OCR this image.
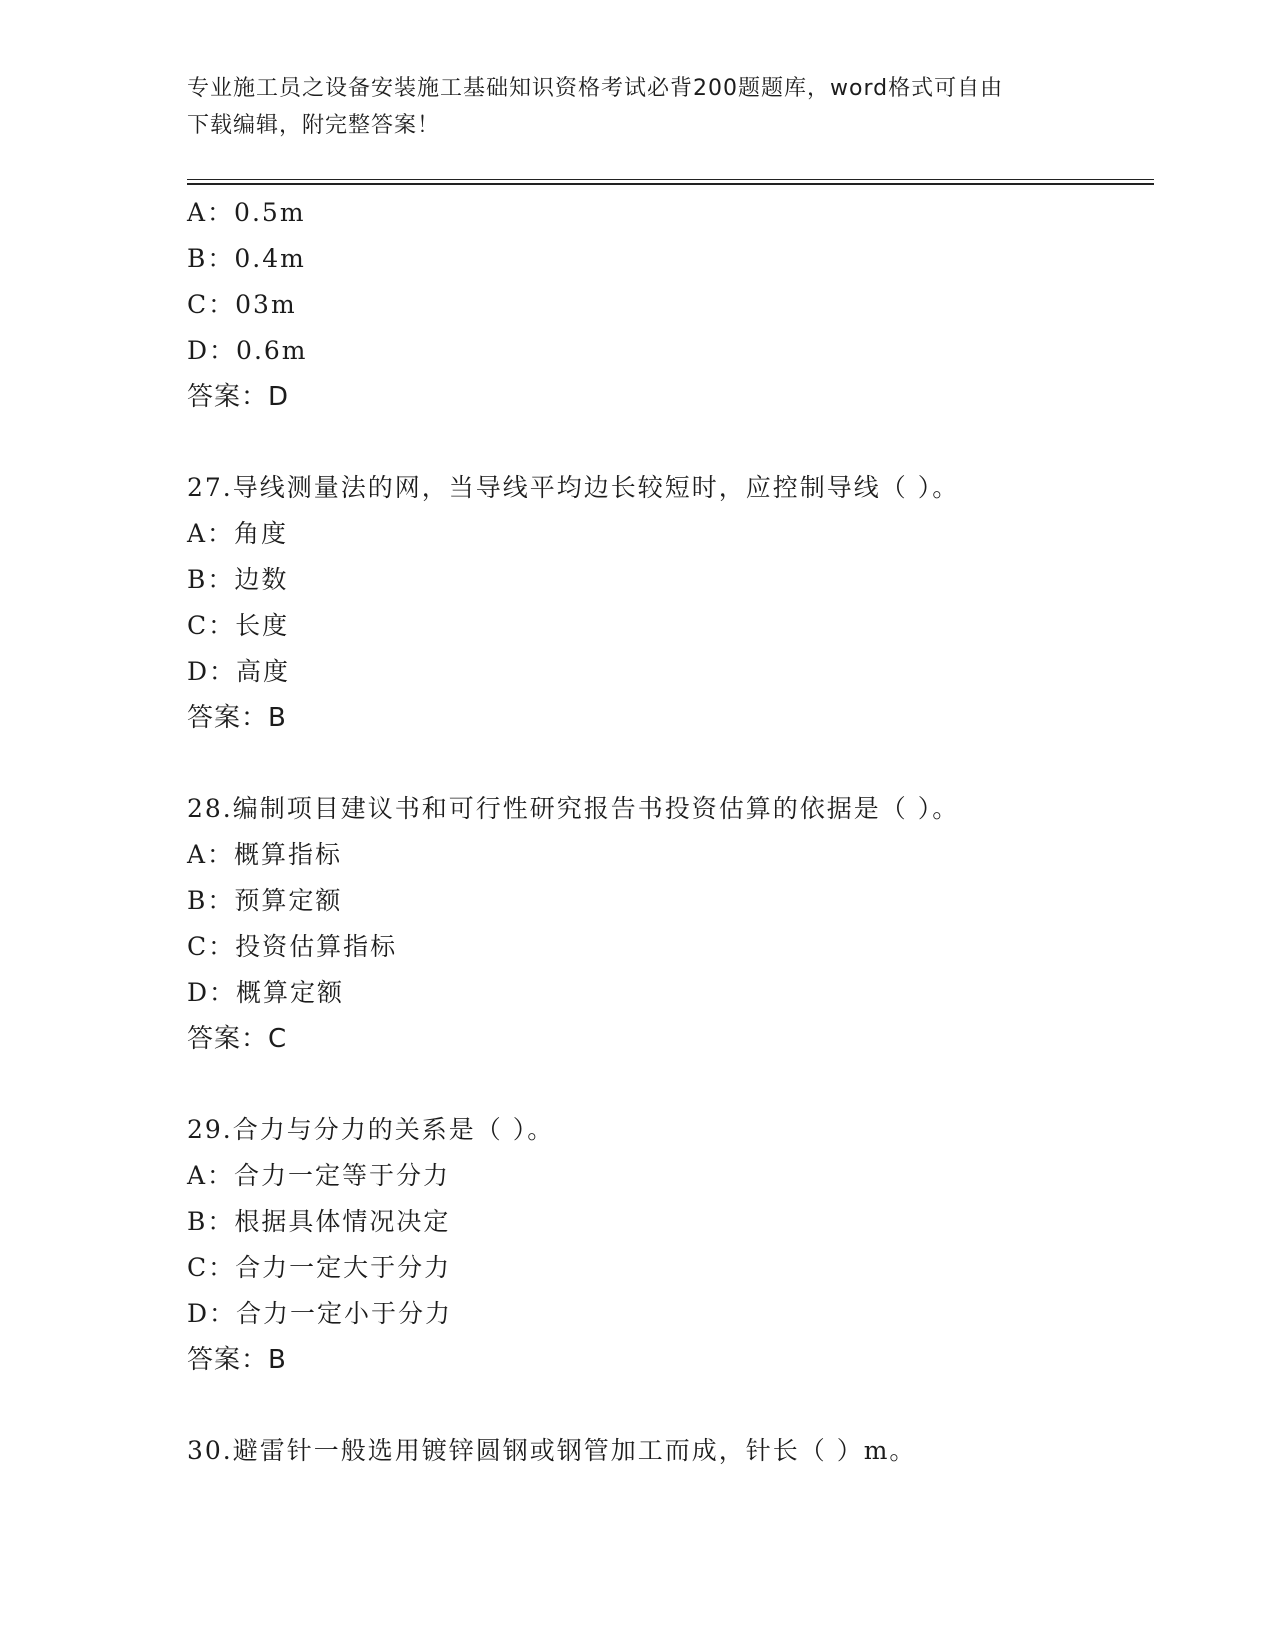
专业施工员之设备安装施工基础知识资格考试必背200题题库，word格式可自由
下载编辑，附完整答案！
A：0.5m
B：0.4m
C：03m
D：0.6m
答案：D
27.导线测量法的网，当导线平均边长较短时，应控制导线（ ）。
A：角度
B：边数
C：长度
D：高度
答案：B
28.编制项目建议书和可行性研究报告书投资估算的依据是（ ）。
A：概算指标
B：预算定额
C：投资估算指标
D：概算定额
答案：C
29.合力与分力的关系是（ ）。
A：合力一定等于分力
B：根据具体情况决定
C：合力一定大于分力
D：合力一定小于分力
答案：B
30.避雷针一般选用镀锌圆钢或钢管加工而成，针长（ ）m。
